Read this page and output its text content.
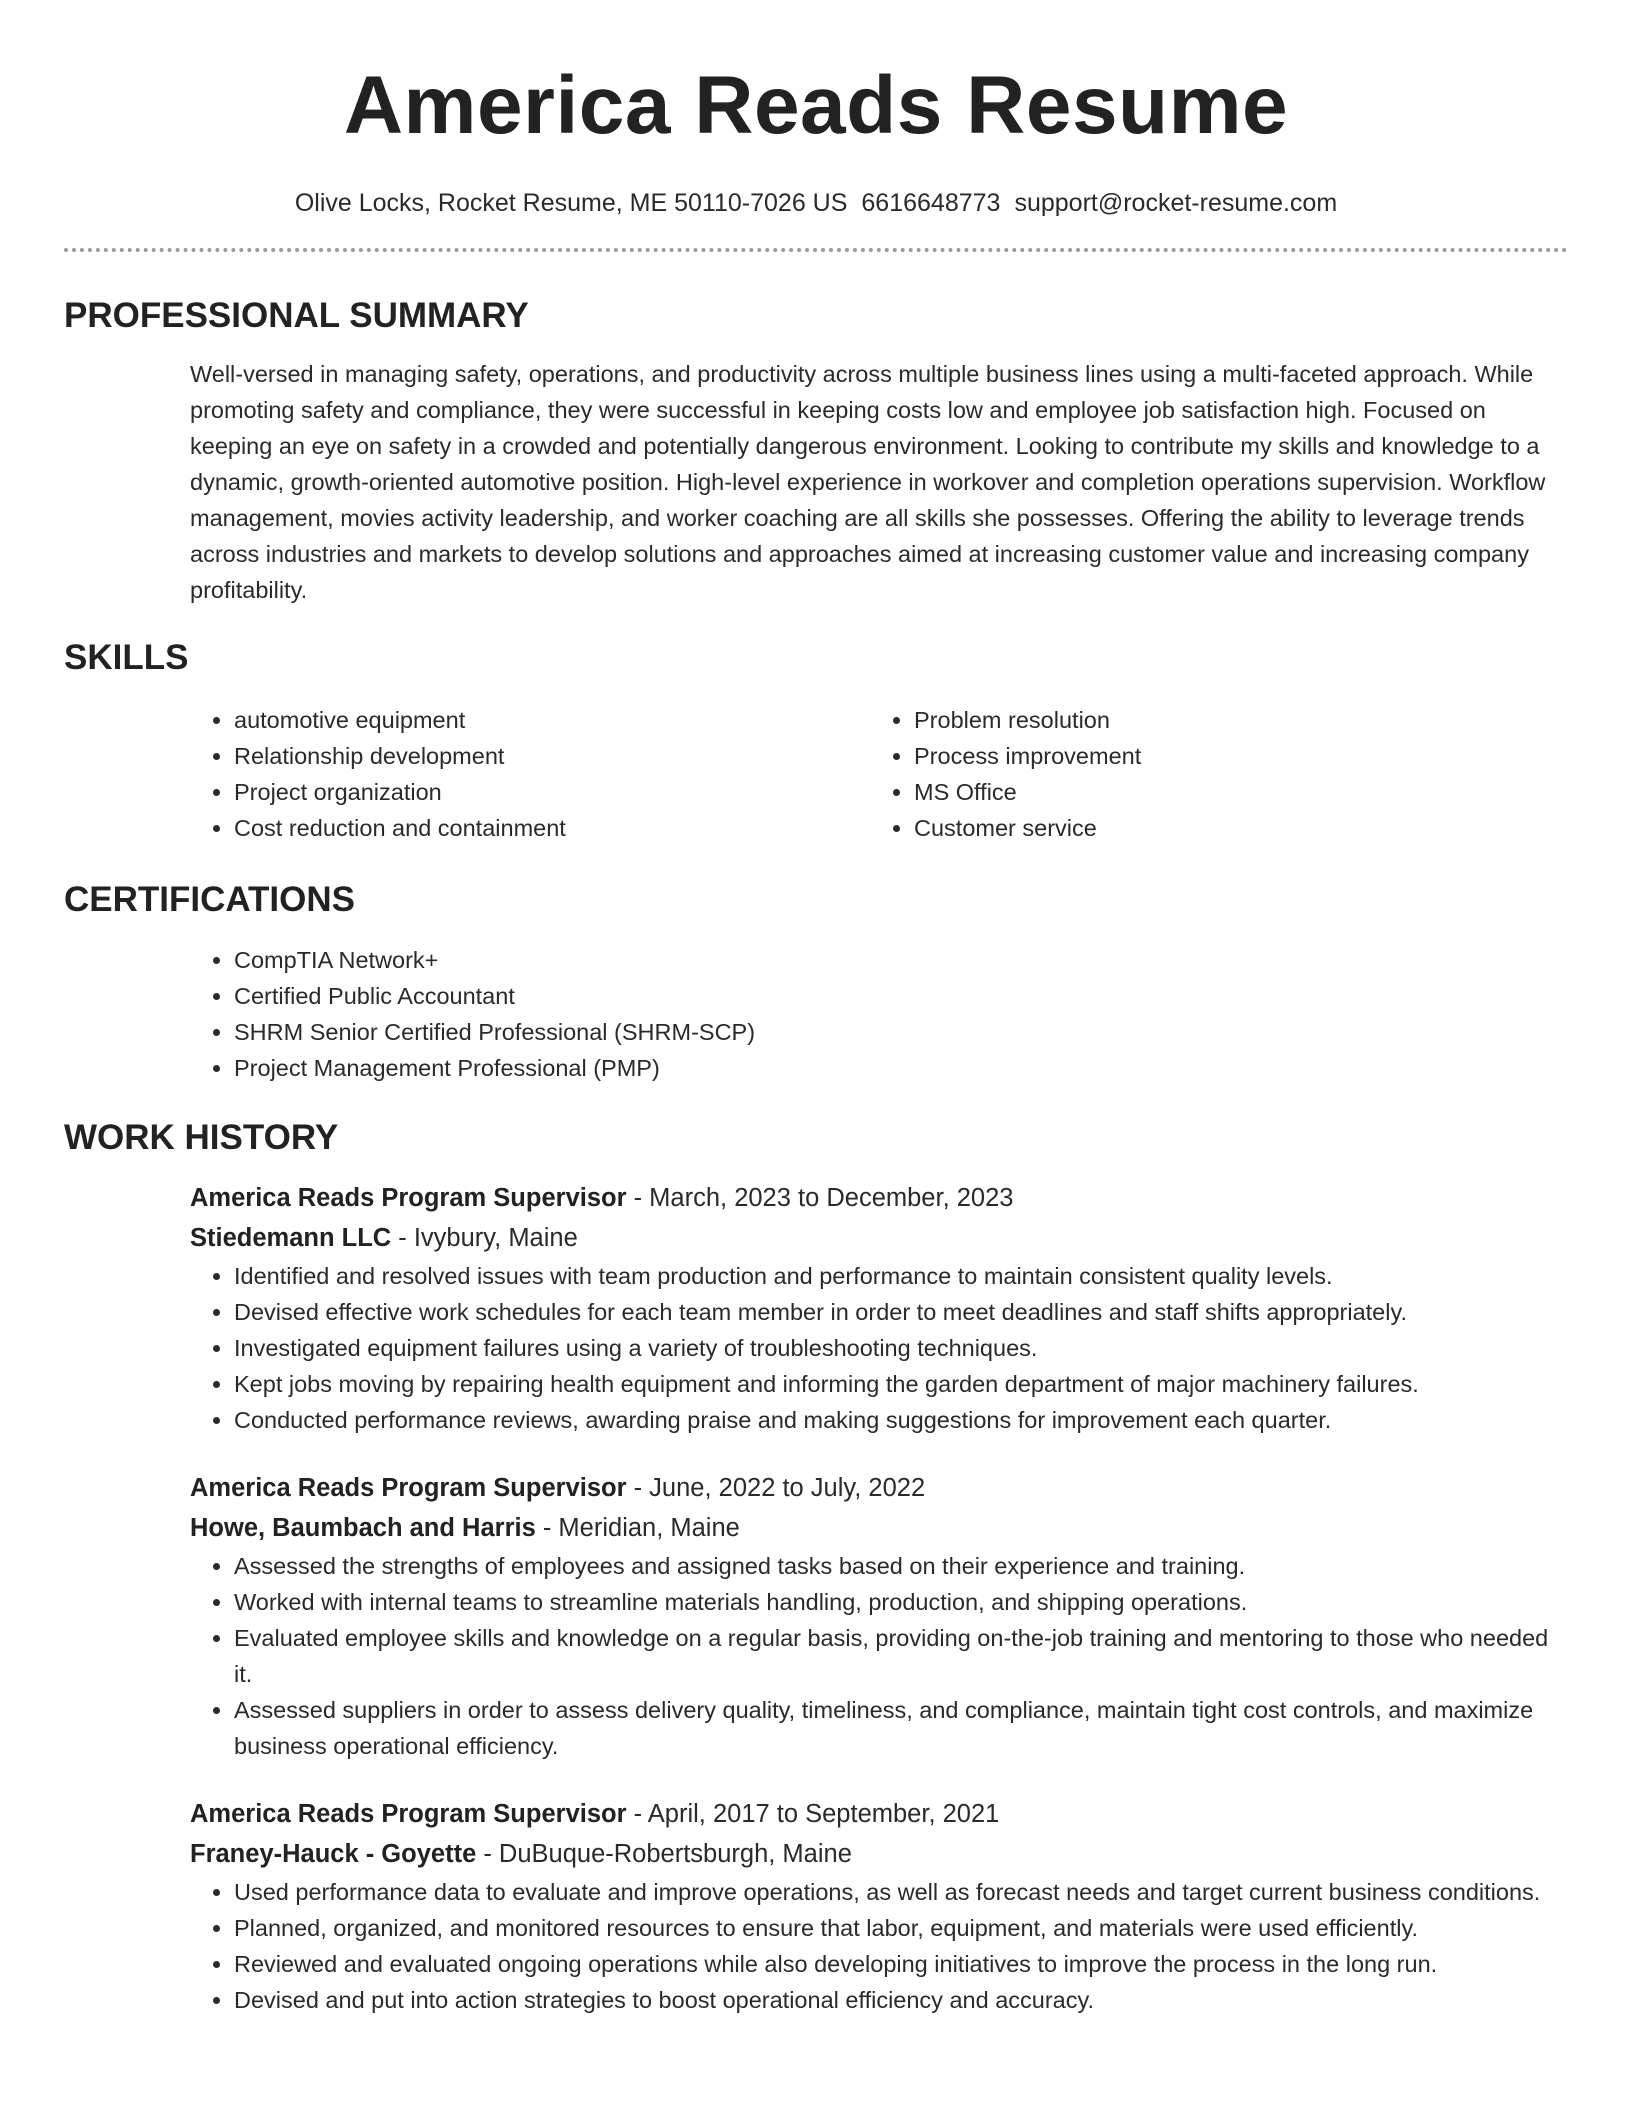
America Reads Resume
Olive Locks, Rocket Resume, ME 50110-7026 US 6616648773 support@rocket-resume.com
PROFESSIONAL SUMMARY
Well-versed in managing safety, operations, and productivity across multiple business lines using a multi-faceted approach. While promoting safety and compliance, they were successful in keeping costs low and employee job satisfaction high. Focused on keeping an eye on safety in a crowded and potentially dangerous environment. Looking to contribute my skills and knowledge to a dynamic, growth-oriented automotive position. High-level experience in workover and completion operations supervision. Workflow management, movies activity leadership, and worker coaching are all skills she possesses. Offering the ability to leverage trends across industries and markets to develop solutions and approaches aimed at increasing customer value and increasing company profitability.
SKILLS
• automotive equipment
• Relationship development
• Project organization
• Cost reduction and containment
• Problem resolution
• Process improvement
• MS Office
• Customer service
CERTIFICATIONS
• CompTIA Network+
• Certified Public Accountant
• SHRM Senior Certified Professional (SHRM-SCP)
• Project Management Professional (PMP)
WORK HISTORY
America Reads Program Supervisor - March, 2023 to December, 2023
Stiedemann LLC - Ivybury, Maine
• Identified and resolved issues with team production and performance to maintain consistent quality levels.
• Devised effective work schedules for each team member in order to meet deadlines and staff shifts appropriately.
• Investigated equipment failures using a variety of troubleshooting techniques.
• Kept jobs moving by repairing health equipment and informing the garden department of major machinery failures.
• Conducted performance reviews, awarding praise and making suggestions for improvement each quarter.
America Reads Program Supervisor - June, 2022 to July, 2022
Howe, Baumbach and Harris - Meridian, Maine
• Assessed the strengths of employees and assigned tasks based on their experience and training.
• Worked with internal teams to streamline materials handling, production, and shipping operations.
• Evaluated employee skills and knowledge on a regular basis, providing on-the-job training and mentoring to those who needed it.
• Assessed suppliers in order to assess delivery quality, timeliness, and compliance, maintain tight cost controls, and maximize business operational efficiency.
America Reads Program Supervisor - April, 2017 to September, 2021
Franey-Hauck - Goyette - DuBuque-Robertsburgh, Maine
• Used performance data to evaluate and improve operations, as well as forecast needs and target current business conditions.
• Planned, organized, and monitored resources to ensure that labor, equipment, and materials were used efficiently.
• Reviewed and evaluated ongoing operations while also developing initiatives to improve the process in the long run.
• Devised and put into action strategies to boost operational efficiency and accuracy.
